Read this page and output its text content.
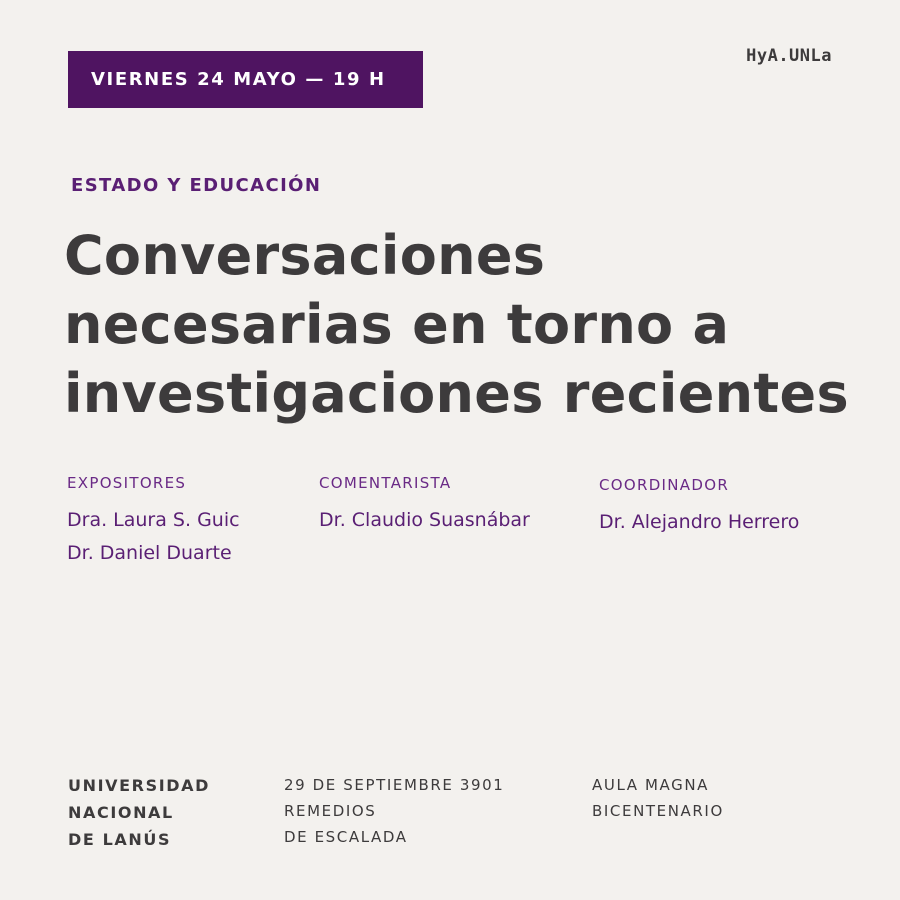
VIERNES 24 MAYO — 19 H
HyA.UNLa
ESTADO Y EDUCACIÓN
Conversaciones
necesarias en torno a
investigaciones recientes
EXPOSITORES
Dra. Laura S. Guic
Dr. Daniel Duarte
COMENTARISTA
Dr. Claudio Suasnábar
COORDINADOR
Dr. Alejandro Herrero
UNIVERSIDAD
NACIONAL
DE LANÚS
29 DE SEPTIEMBRE 3901
REMEDIOS
DE ESCALADA
AULA MAGNA
BICENTENARIO
